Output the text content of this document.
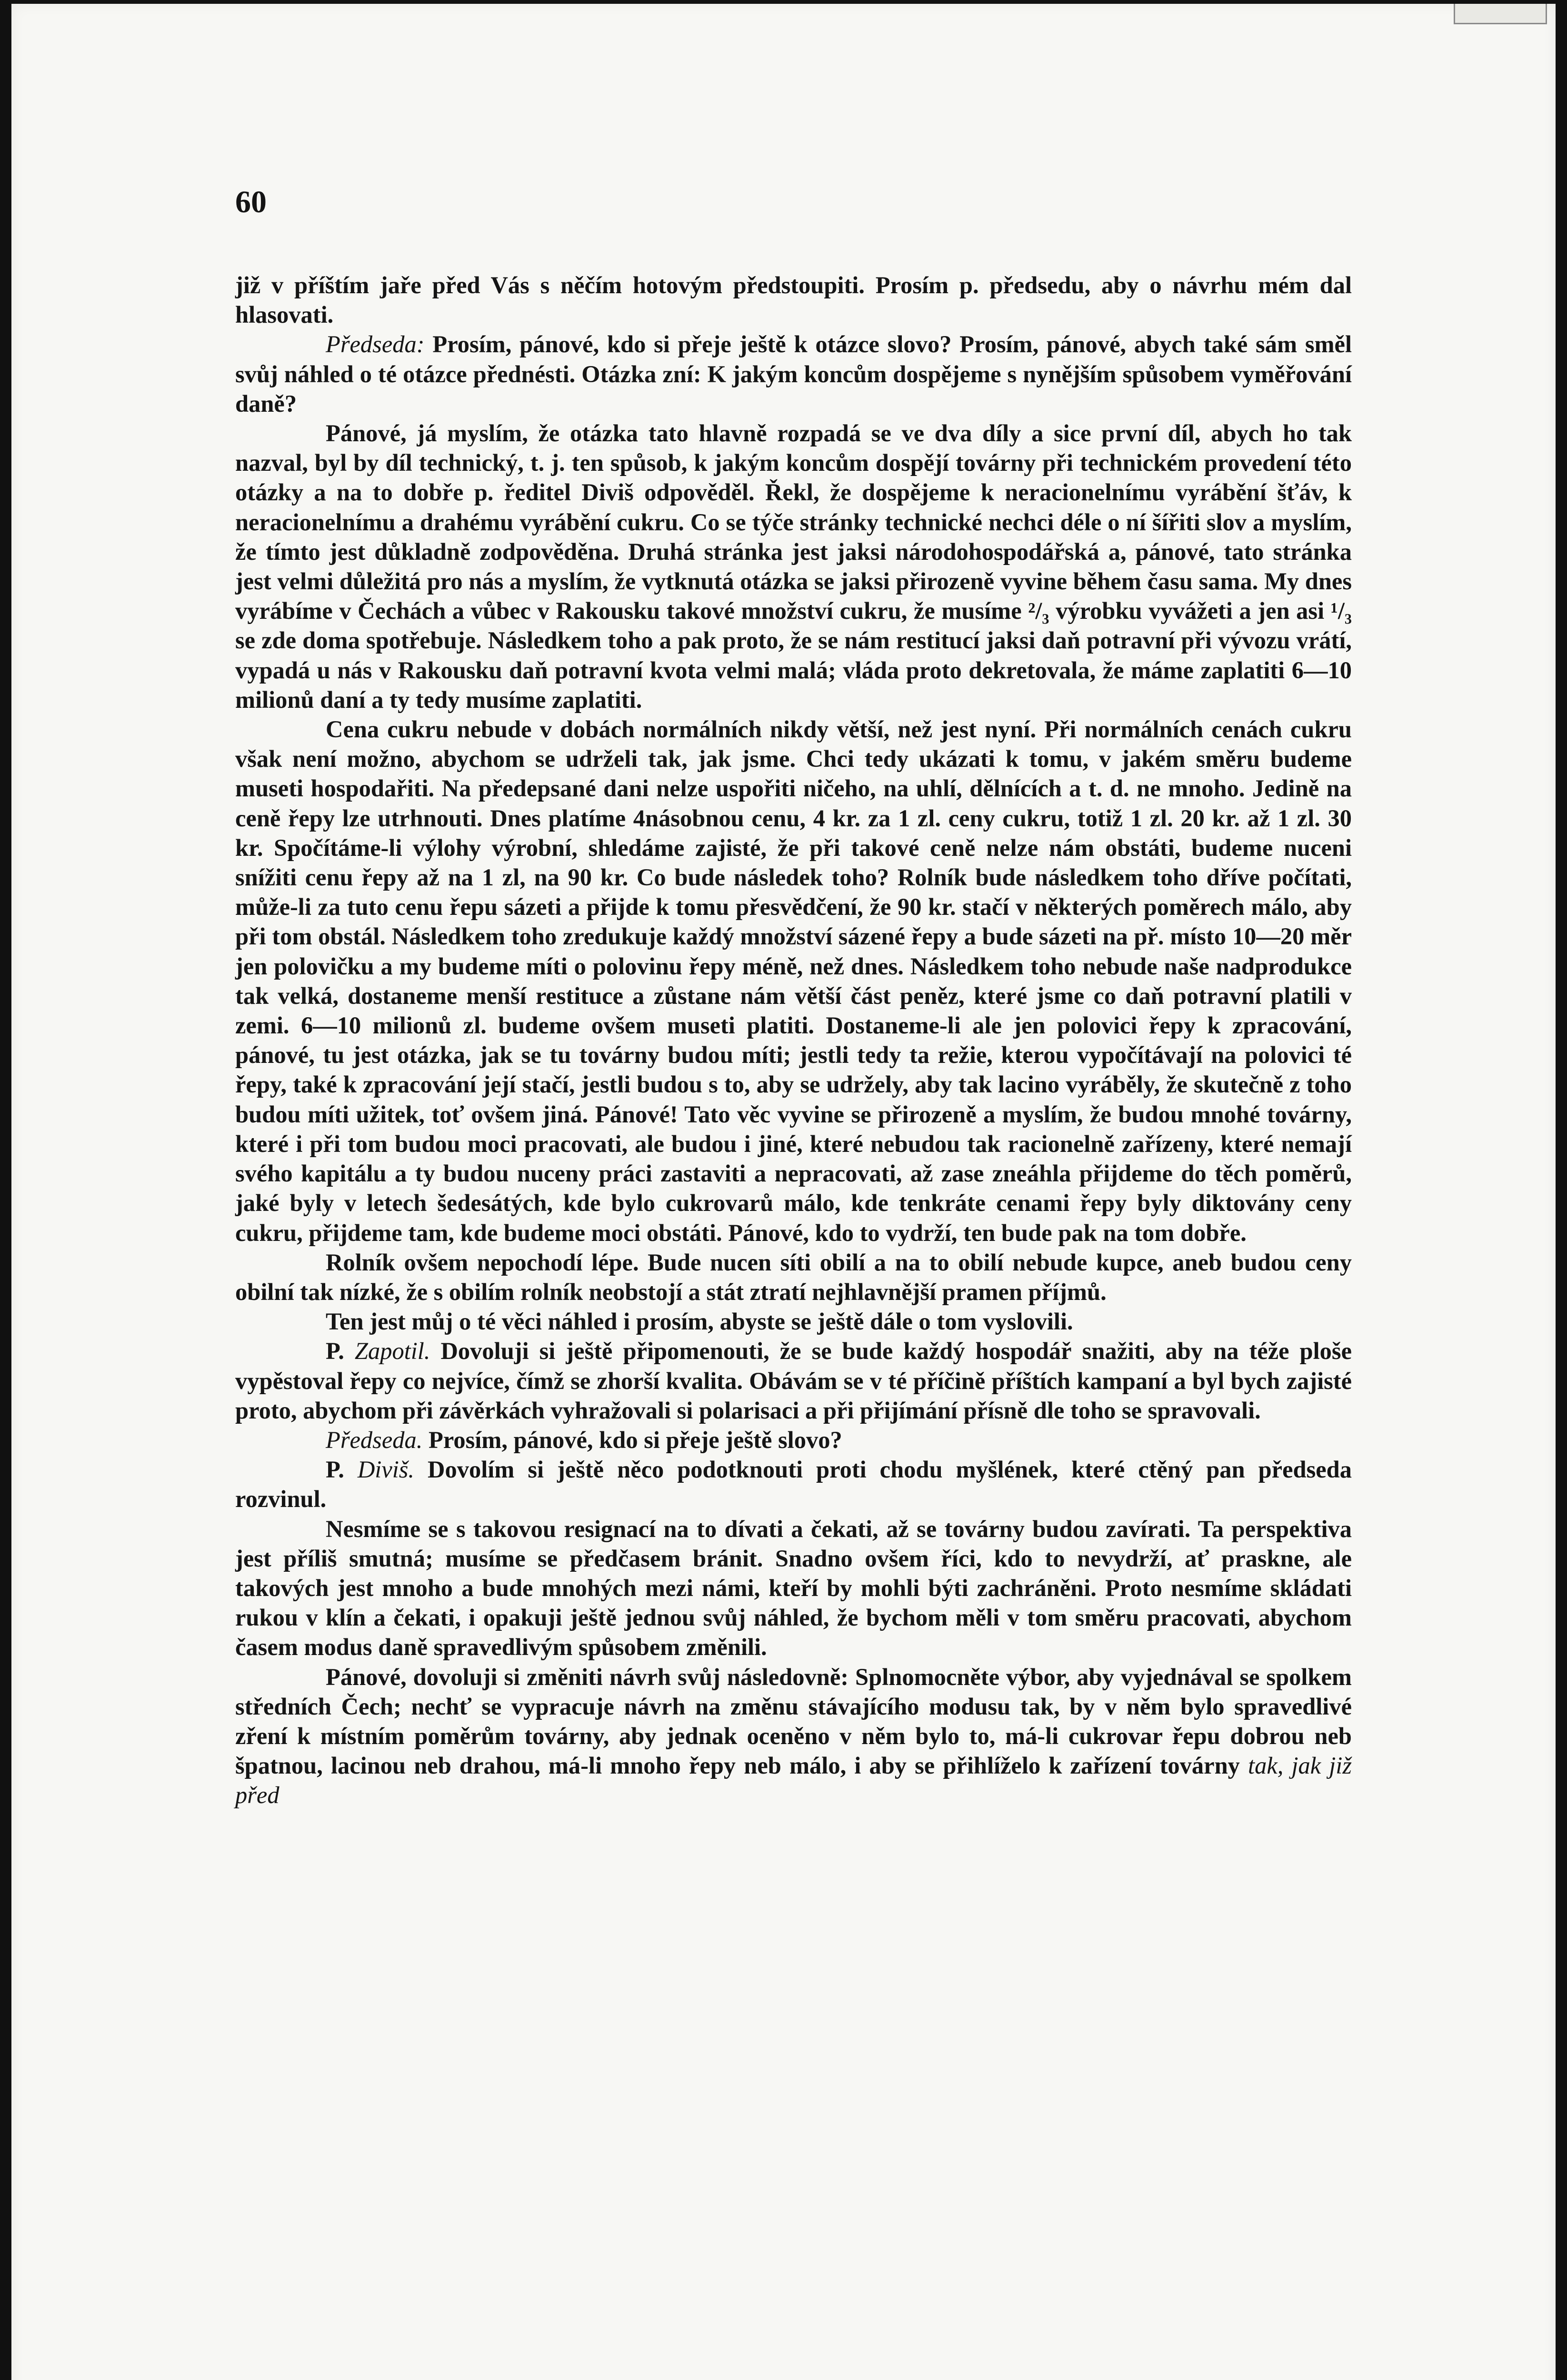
60

již v příštím jaře před Vás s něčím hotovým předstoupiti. Prosím p. předsedu, aby o návrhu mém dal hlasovati.

Předseda: Prosím, pánové, kdo si přeje ještě k otázce slovo? Prosím, pánové, abych také sám směl svůj náhled o té otázce přednésti. Otázka zní: K jakým koncům dospějeme s nynějším spůsobem vyměřování daně?

Pánové, já myslím, že otázka tato hlavně rozpadá se ve dva díly a sice první díl, abych ho tak nazval, byl by díl technický, t. j. ten spůsob, k jakým koncům dospějí továrny při technickém provedení této otázky a na to dobře p. ředitel Diviš odpověděl. Řekl, že dospějeme k neracionelnímu vyrábění šťáv, k neracionelnímu a drahému vyrábění cukru. Co se týče stránky technické nechci déle o ní šířiti slov a myslím, že tímto jest důkladně zodpověděna. Druhá stránka jest jaksi národohospodářská a, pánové, tato stránka jest velmi důležitá pro nás a myslím, že vytknutá otázka se jaksi přirozeně vyvine během času sama. My dnes vyrábíme v Čechách a vůbec v Rakousku takové množství cukru, že musíme ²/₃ výrobku vyvážeti a jen asi ¹/₃ se zde doma spotřebuje. Následkem toho a pak proto, že se nám restitucí jaksi daň potravní při vývozu vrátí, vypadá u nás v Rakousku daň potravní kvota velmi malá; vláda proto dekretovala, že máme zaplatiti 6—10 milionů daní a ty tedy musíme zaplatiti.

Cena cukru nebude v dobách normálních nikdy větší, než jest nyní. Při normálních cenách cukru však není možno, abychom se udrželi tak, jak jsme. Chci tedy ukázati k tomu, v jakém směru budeme museti hospodařiti. Na předepsané dani nelze uspořiti ničeho, na uhlí, dělnících a t. d. ne mnoho. Jedině na ceně řepy lze utrhnouti. Dnes platíme 4násobnou cenu, 4 kr. za 1 zl. ceny cukru, totiž 1 zl. 20 kr. až 1 zl. 30 kr. Spočítáme-li výlohy výrobní, shledáme zajisté, že při takové ceně nelze nám obstáti, budeme nuceni snížiti cenu řepy až na 1 zl, na 90 kr. Co bude následek toho? Rolník bude následkem toho dříve počítati, může-li za tuto cenu řepu sázeti a přijde k tomu přesvědčení, že 90 kr. stačí v některých poměrech málo, aby při tom obstál. Následkem toho zredukuje každý množství sázené řepy a bude sázeti na př. místo 10—20 měr jen polovičku a my budeme míti o polovinu řepy méně, než dnes. Následkem toho nebude naše nadprodukce tak velká, dostaneme menší restituce a zůstane nám větší část peněz, které jsme co daň potravní platili v zemi. 6—10 milionů zl. budeme ovšem museti platiti. Dostaneme-li ale jen polovici řepy k zpracování, pánové, tu jest otázka, jak se tu továrny budou míti; jestli tedy ta režie, kterou vypočítávají na polovici té řepy, také k zpracování její stačí, jestli budou s to, aby se udržely, aby tak lacino vyráběly, že skutečně z toho budou míti užitek, toť ovšem jiná. Pánové! Tato věc vyvine se přirozeně a myslím, že budou mnohé továrny, které i při tom budou moci pracovati, ale budou i jiné, které nebudou tak racionelně zařízeny, které nemají svého kapitálu a ty budou nuceny práci zastaviti a nepracovati, až zase zneáhla přijdeme do těch poměrů, jaké byly v letech šedesátých, kde bylo cukrovarů málo, kde tenkráte cenami řepy byly diktovány ceny cukru, přijdeme tam, kde budeme moci obstáti. Pánové, kdo to vydrží, ten bude pak na tom dobře.

Rolník ovšem nepochodí lépe. Bude nucen síti obilí a na to obilí nebude kupce, aneb budou ceny obilní tak nízké, že s obilím rolník neobstojí a stát ztratí nejhlavnější pramen příjmů.

Ten jest můj o té věci náhled i prosím, abyste se ještě dále o tom vyslovili.

P. Zapotil. Dovoluji si ještě připomenouti, že se bude každý hospodář snažiti, aby na téže ploše vypěstoval řepy co nejvíce, čímž se zhorší kvalita. Obávám se v té příčině příštích kampaní a byl bych zajisté proto, abychom při závěrkách vyhražovali si polarisaci a při přijímání přísně dle toho se spravovali.

Předseda. Prosím, pánové, kdo si přeje ještě slovo?

P. Diviš. Dovolím si ještě něco podotknouti proti chodu myšlének, které ctěný pan předseda rozvinul.

Nesmíme se s takovou resignací na to dívati a čekati, až se továrny budou zavírati. Ta perspektiva jest příliš smutná; musíme se předčasem bránit. Snadno ovšem říci, kdo to nevydrží, ať praskne, ale takových jest mnoho a bude mnohých mezi námi, kteří by mohli býti zachráněni. Proto nesmíme skládati rukou v klín a čekati, i opakuji ještě jednou svůj náhled, že bychom měli v tom směru pracovati, abychom časem modus daně spravedlivým spůsobem změnili.

Pánové, dovoluji si změniti návrh svůj následovně: Splnomocněte výbor, aby vyjednával se spolkem středních Čech; nechť se vypracuje návrh na změnu stávajícího modusu tak, by v něm bylo spravedlivé zření k místním poměrům továrny, aby jednak oceněno v něm bylo to, má-li cukrovar řepu dobrou neb špatnou, lacinou neb drahou, má-li mnoho řepy neb málo, i aby se přihlíželo k zařízení továrny tak, jak již před
